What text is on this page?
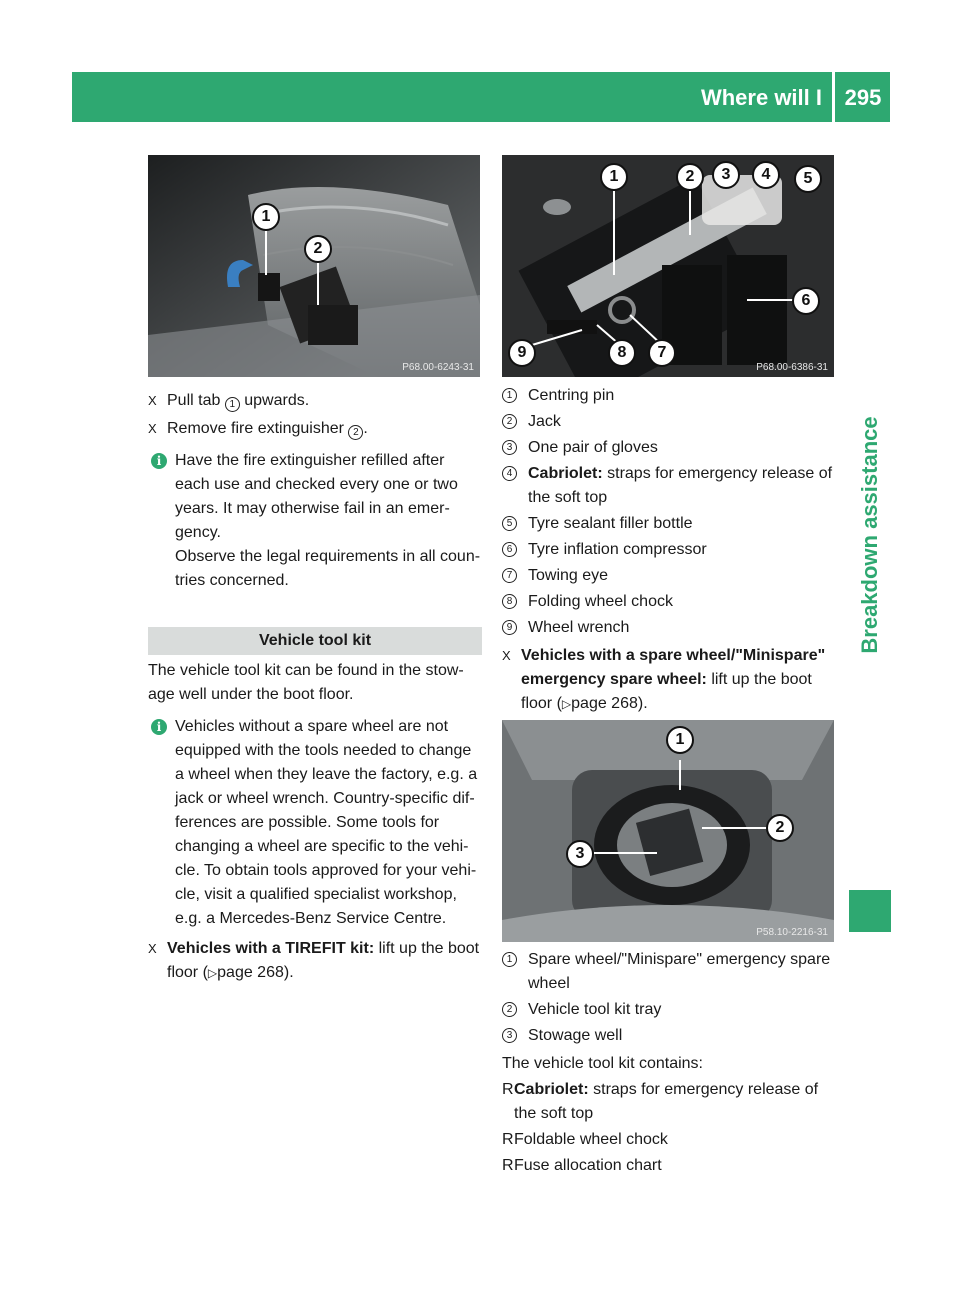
Where will I find...?
295
Breakdown assistance
1
2
P68.00-6243-31
X Pull tab 1 upwards.

X Remove fire extinguisher 2 .

i Have the fire extinguisher refilled after each use and checked every one or two years. It may otherwise fail in an emer-gency.

Observe the legal requirements in all coun-tries concerned.

Vehicle tool kit

The vehicle tool kit can be found in the stow-age well under the boot floor.

i Vehicles without a spare wheel are not equipped with the tools needed to change a wheel when they leave the factory, e.g. a jack or wheel wrench. Country-specific dif-ferences are possible. Some tools for changing a wheel are specific to the vehi-cle. To obtain tools approved for your vehi-cle, visit a qualified specialist workshop, e.g. a Mercedes-Benz Service Centre.

X Vehicles with a TIREFIT kit: lift up the boot floor (▷page 268).

1	2	3	4	5
6
7
8
9
P68.00-6386-31
1 Centring pin
2 Jack
3 One pair of gloves
4 Cabriolet: straps for emergency release of the soft top
5 Tyre sealant filler bottle
6 Tyre inflation compressor
7 Towing eye
8 Folding wheel chock
9 Wheel wrench
X Vehicles with a spare wheel/"Minispare" emergency spare wheel: lift up the boot floor (▷page 268).

1
2
3
P58.10-2216-31
1 Spare wheel/"Minispare" emergency spare wheel
2 Vehicle tool kit tray
3 Stowage well

The vehicle tool kit contains:

R Cabriolet: straps for emergency release of the soft top
R Foldable wheel chock
R Fuse allocation chart
